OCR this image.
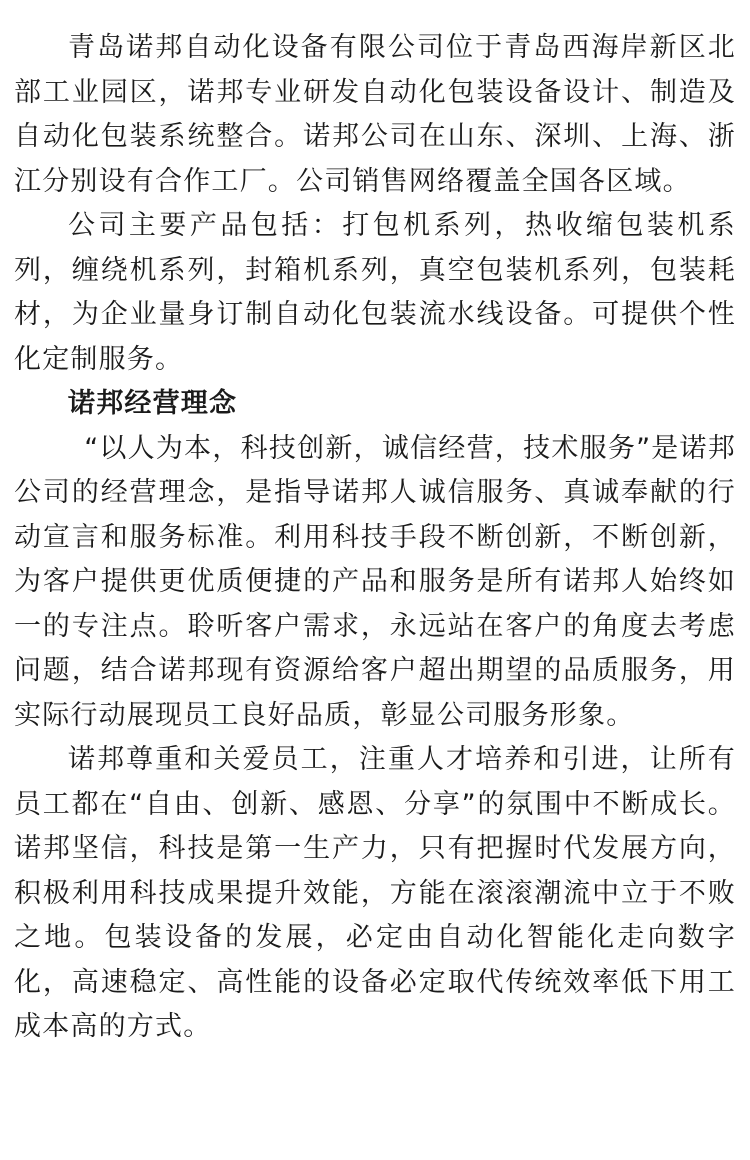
青岛诺邦自动化设备有限公司位于青岛西海岸新区北部工业园区，诺邦专业研发自动化包装设备设计、制造及自动化包装系统整合。诺邦公司在山东、深圳、上海、浙江分别设有合作工厂。公司销售网络覆盖全国各区域。

公司主要产品包括：打包机系列，热收缩包装机系列，缠绕机系列，封箱机系列，真空包装机系列，包装耗材，为企业量身订制自动化包装流水线设备。可提供个性化定制服务。

诺邦经营理念

“以人为本，科技创新，诚信经营，技术服务”是诺邦公司的经营理念，是指导诺邦人诚信服务、真诚奉献的行动宣言和服务标准。利用科技手段不断创新，不断创新，为客户提供更优质便捷的产品和服务是所有诺邦人始终如一的专注点。聆听客户需求，永远站在客户的角度去考虑问题，结合诺邦现有资源给客户超出期望的品质服务，用实际行动展现员工良好品质，彰显公司服务形象。

诺邦尊重和关爱员工，注重人才培养和引进，让所有员工都在“自由、创新、感恩、分享”的氛围中不断成长。诺邦坚信，科技是第一生产力，只有把握时代发展方向，积极利用科技成果提升效能，方能在滚滚潮流中立于不败之地。包装设备的发展，必定由自动化智能化走向数字化，高速稳定、高性能的设备必定取代传统效率低下用工成本高的方式。
